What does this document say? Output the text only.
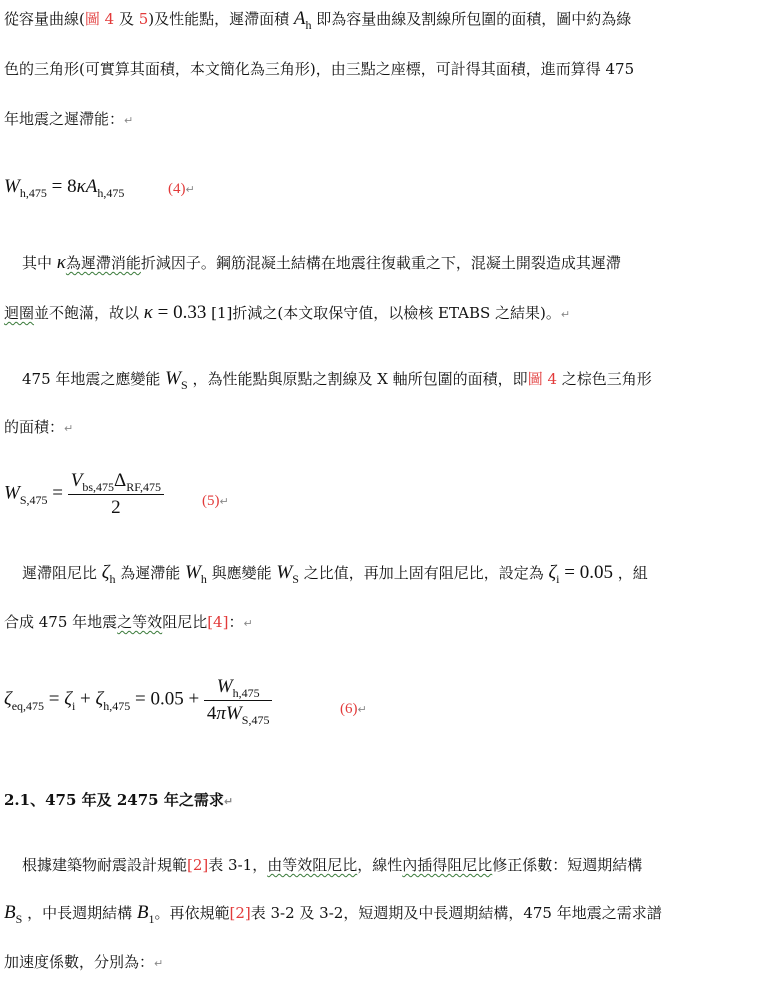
從容量曲線(圖 4 及 5)及性能點，遲滯面積 $A_h$ 即為容量曲線及割線所包圍的面積，圖中約為綠
色的三角形(可實算其面積，本文簡化為三角形)，由三點之座標，可計得其面積，進而算得 475
年地震之遲滯能：↵
$W_{h,475} = 8\kappa A_{h,475}$	(4)↵
其中 κ為遲滯消能折減因子。鋼筋混凝土結構在地震往復載重之下，混凝土開裂造成其遲滯
迴圈並不飽滿，故以 κ = 0.33 [1]折減之(本文取保守值，以檢核 ETABS 之結果)。↵
475 年地震之應變能 $W_S$ ，為性能點與原點之割線及 X 軸所包圍的面積，即圖 4 之棕色三角形
的面積：↵
$W_{S,475} = \frac{V_{bs,475}\Delta_{RF,475}}{2}$	(5)↵
遲滯阻尼比 $\zeta_h$ 為遲滯能 $W_h$ 與應變能 $W_S$ 之比值，再加上固有阻尼比，設定為 $\zeta_i = 0.05$ ，組
合成 475 年地震之等效阻尼比[4]：↵
$\zeta_{eq,475} = \zeta_i + \zeta_{h,475} = 0.05 + \frac{W_{h,475}}{4\pi W_{S,475}}$	(6)↵
2.1、475 年及 2475 年之需求↵
根據建築物耐震設計規範[2]表 3-1，由等效阻尼比，線性內插得阻尼比修正係數：短週期結構
$B_S$ ，中長週期結構 $B_1$。再依規範[2]表 3-2 及 3-2，短週期及中長週期結構，475 年地震之需求譜
加速度係數，分別為：↵
